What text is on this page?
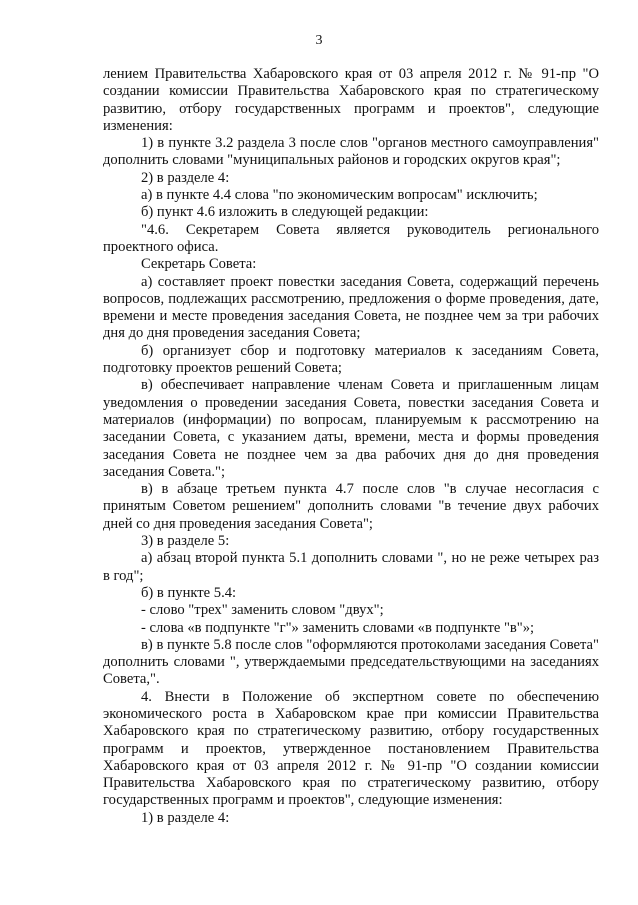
3

лением Правительства Хабаровского края от 03 апреля 2012 г. № 91-пр "О создании комиссии Правительства Хабаровского края по стратегическому развитию, отбору государственных программ и проектов", следующие изменения:

1) в пункте 3.2 раздела 3 после слов "органов местного самоуправления" дополнить словами "муниципальных районов и городских округов края";

2) в разделе 4:

а) в пункте 4.4 слова "по экономическим вопросам" исключить;

б) пункт 4.6 изложить в следующей редакции:

"4.6. Секретарем Совета является руководитель регионального проектного офиса.

Секретарь Совета:

а) составляет проект повестки заседания Совета, содержащий перечень вопросов, подлежащих рассмотрению, предложения о форме проведения, дате, времени и месте проведения заседания Совета, не позднее чем за три рабочих дня до дня проведения заседания Совета;

б) организует сбор и подготовку материалов к заседаниям Совета, подготовку проектов решений Совета;

в) обеспечивает направление членам Совета и приглашенным лицам уведомления о проведении заседания Совета, повестки заседания Совета и материалов (информации) по вопросам, планируемым к рассмотрению на заседании Совета, с указанием даты, времени, места и формы проведения заседания Совета не позднее чем за два рабочих дня до дня проведения заседания Совета.";

в) в абзаце третьем пункта 4.7 после слов "в случае несогласия с принятым Советом решением" дополнить словами "в течение двух рабочих дней со дня проведения заседания Совета";

3) в разделе 5:

а) абзац второй пункта 5.1 дополнить словами ", но не реже четырех раз в год";

б) в пункте 5.4:

- слово "трех" заменить словом "двух";

- слова «в подпункте "г"» заменить словами «в подпункте "в"»;

в) в пункте 5.8 после слов "оформляются протоколами заседания Совета" дополнить словами ", утверждаемыми председательствующими на заседаниях Совета,".

4. Внести в Положение об экспертном совете по обеспечению экономического роста в Хабаровском крае при комиссии Правительства Хабаровского края по стратегическому развитию, отбору государственных программ и проектов, утвержденное постановлением Правительства Хабаровского края от 03 апреля 2012 г. № 91-пр "О создании комиссии Правительства Хабаровского края по стратегическому развитию, отбору государственных программ и проектов", следующие изменения:

1) в разделе 4:
